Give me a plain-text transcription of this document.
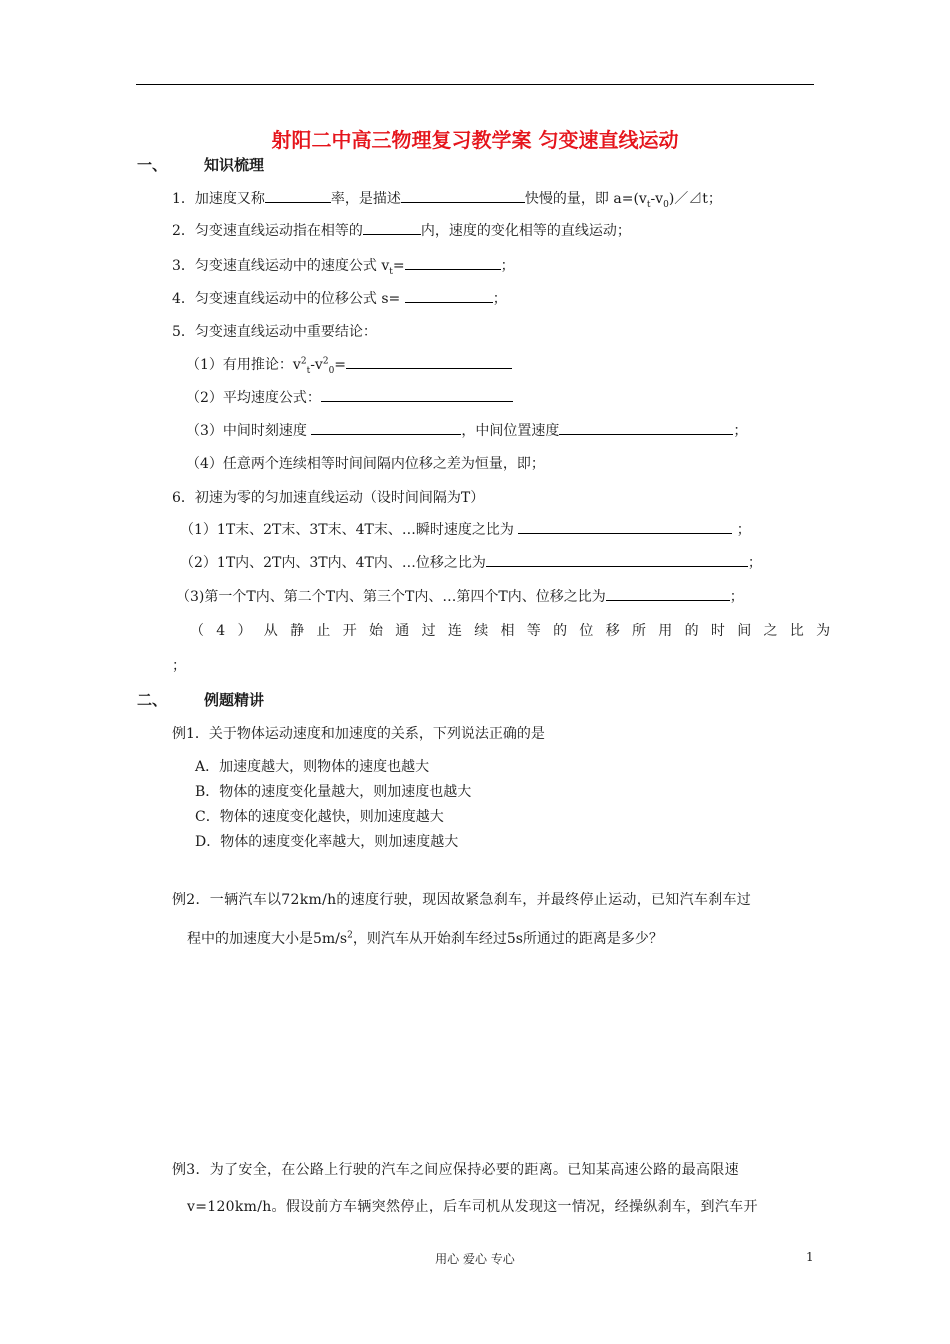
射阳二中高三物理复习教学案 匀变速直线运动
一、 知识梳理
1．加速度又称	率，是描述	快慢的量，即 $a=(v_t-v_0)/⊿t$；
2．匀变速直线运动指在相等的	内，速度的变化相等的直线运动；
3．匀变速直线运动中的速度公式 $v_t=$	；
4．匀变速直线运动中的位移公式 s=	；
5．匀变速直线运动中重要结论：
（1）有用推论：$v^2_t-v^2_0=$
（2）平均速度公式：
（3）中间时刻速度	，中间位置速度	；
（4）任意两个连续相等时间间隔内位移之差为恒量，即；
6．初速为零的匀加速直线运动（设时间间隔为T）
（1）1T末、2T末、3T末、4T末、…瞬时速度之比为	；
（2）1T内、2T内、3T内、4T内、…位移之比为	；
（3)第一个T内、第二个T内、第三个T内、…第四个T内、位移之比为	；
（4）从静止开始通过连续相等的位移所用的时间之比为
；
二、 例题精讲
例1．关于物体运动速度和加速度的关系，下列说法正确的是
A．加速度越大，则物体的速度也越大
B．物体的速度变化量越大，则加速度也越大
C．物体的速度变化越快，则加速度越大
D．物体的速度变化率越大，则加速度越大
例2．一辆汽车以72km/h的速度行驶，现因故紧急刹车，并最终停止运动，已知汽车刹车过
程中的加速度大小是$5m/s^2$，则汽车从开始刹车经过5s所通过的距离是多少？
例3．为了安全，在公路上行驶的汽车之间应保持必要的距离。已知某高速公路的最高限速
v=120km/h。假设前方车辆突然停止，后车司机从发现这一情况，经操纵刹车，到汽车开
用心 爱心 专心	1
